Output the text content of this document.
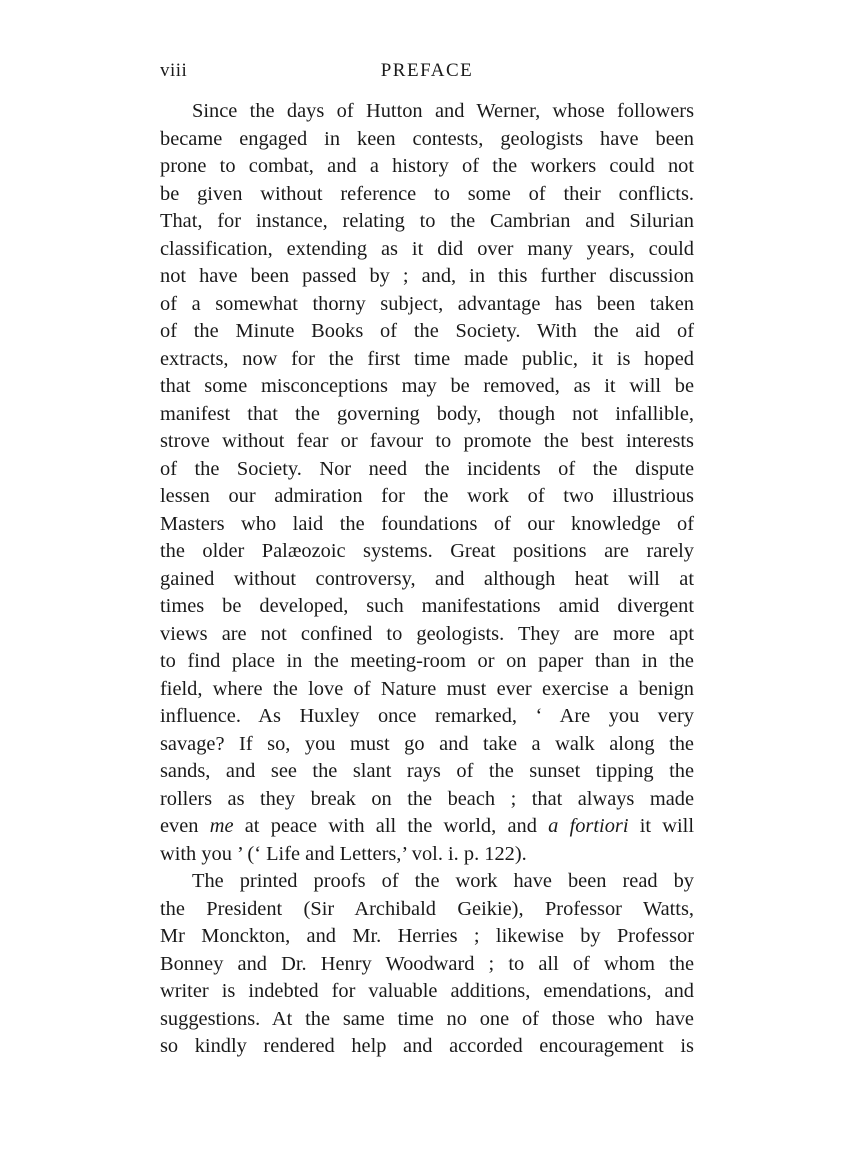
viii	PREFACE

Since the days of Hutton and Werner, whose followers
became engaged in keen contests, geologists have been
prone to combat, and a history of the workers could not
be given without reference to some of their conflicts.
That, for instance, relating to the Cambrian and Silurian
classification, extending as it did over many years, could
not have been passed by ; and, in this further discussion
of a somewhat thorny subject, advantage has been taken
of the Minute Books of the Society. With the aid of
extracts, now for the first time made public, it is hoped
that some misconceptions may be removed, as it will be
manifest that the governing body, though not infallible,
strove without fear or favour to promote the best interests
of the Society. Nor need the incidents of the dispute
lessen our admiration for the work of two illustrious
Masters who laid the foundations of our knowledge of
the older Palæozoic systems. Great positions are rarely
gained without controversy, and although heat will at
times be developed, such manifestations amid divergent
views are not confined to geologists. They are more apt
to find place in the meeting-room or on paper than in the
field, where the love of Nature must ever exercise a benign
influence. As Huxley once remarked, ‘ Are you very
savage? If so, you must go and take a walk along the
sands, and see the slant rays of the sunset tipping the
rollers as they break on the beach ; that always made
even me at peace with all the world, and a fortiori it will
with you ’ (‘ Life and Letters,’ vol. i. p. 122).

The printed proofs of the work have been read by
the President (Sir Archibald Geikie), Professor Watts,
Mr Monckton, and Mr. Herries ; likewise by Professor
Bonney and Dr. Henry Woodward ; to all of whom the
writer is indebted for valuable additions, emendations, and
suggestions. At the same time no one of those who have
so kindly rendered help and accorded encouragement is
